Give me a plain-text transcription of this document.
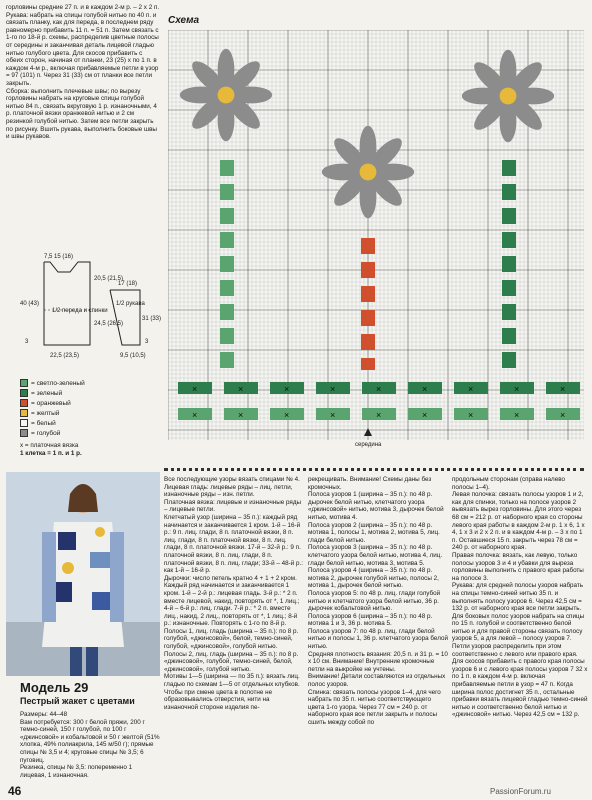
горловины средние 27 п. и в каждом 2-м р. – 2 х 2 п.
Рукава: набрать на спицы голубой нитью по 40 п. и связать планку, как для переда, в последнем ряду равномерно прибавить 11 п. = 51 п. Затем связать с 1-го по 18-й р. схемы, распределив цветные полосы от середины и заканчивая деталь лицевой гладью нитью голубого цвета. Для скосов прибавить с обеих сторон, начиная от планки, 23 (25) х по 1 п. в каждом 4-м р., включая прибавляемые петли в узор = 97 (101) п. Через 31 (33) см от планки все петли закрыть.
Сборка: выполнить плечевые швы; по вырезу горловины набрать на круговые спицы голубой нитью 84 п., связать вкруговую 1 р. изнаночными, 4 р. платочной вязки оранжевой нитью и 2 см резинкой голубой нитью. Затем все петли закрыть по рисунку. Вшить рукава, выполнить боковые швы и швы рукавов.
7,5 15 (16)
40 (43)
1/2 переда и спинки
20,5 (21,5)
24,5 (26,5)
31 (33)
3	3
22,5 (23,5)
1/2 рукава
9,5 (10,5)
17 (18)
= светло-зеленый
= зеленый
= оранжевый
= желтый
= белый
= голубой
х = платочная вязка
1 клетка = 1 п. и 1 р.
Схема
×	×	×	×	×	×	×	×	×
×	×	×	×	×	×	×	×	×
середина
Модель 29
Пестрый жакет с цветами
Размеры: 44–48
Вам потребуется: 300 г белой пряжи, 200 г темно-синей, 150 г голубой, по 100 г «джинсовой» и кобальтовой и 50 г желтой (51% хлопка, 49% полиакрила, 145 м/50 г); прямые спицы № 3,5 и 4; круговые спицы № 3,5; 6 пуговиц.
Резинка, спицы № 3,5: попеременно 1 лицевая, 1 изнаночная.
Все последующие узоры вязать спицами № 4.
Лицевая гладь: лицевые ряды – лиц. петли, изнаночные ряды – изн. петли.
Платочная вязка: лицевые и изнаночные ряды – лицевые петли.
Клетчатый узор (ширина – 35 п.): каждый ряд начинается и заканчивается 1 кром. 1-й – 16-й р.: 9 п. лиц. глади, 8 п. платочной вязки, 8 п. лиц. глади, 8 п. платочной вязки, 8 п. лиц. глади, 8 п. платочной вязки. 17-й – 32-й р.: 9 п. платочной вязки, 8 п. лиц. глади, 8 п. платочной вязки, 8 п. лиц. глади; 33-й – 48-й р.: как 1-й – 16-й р.
Дырочки: число петель кратно 4 + 1 + 2 кром. Каждый ряд начинается и заканчивается 1 кром. 1-й – 2-й р.: лицевая гладь. 3-й р.: * 2 п. вместе лицевой, накид, повторять от *, 1 лиц.; 4-й – 6-й р.: лиц. глади. 7-й р.: * 2 п. вместе лиц., накид, 2 лиц., повторять от *, 1 лиц.; 8-й р.: изнаночные. Повторять с 1-го по 8-й р.
Полосы 1, лиц. гладь (ширина – 35 п.): по 8 р. голубой, «джинсовой», белой, темно-синей, голубой, «джинсовой», голубой нитью.
Полосы 2, лиц. гладь (ширина – 35 п.): по 8 р. «джинсовой», голубой, темно-синей, белой, «джинсовой», голубой нитью.
Мотивы 1—5 (ширина — по 35 п.): вязать лиц. гладью по схемам 1—5 от отдельных клубков. Чтобы при смене цвета в полотне не образовывались отверстия, нити на изнаночной стороне изделия пе-
рекрещивать. Внимание! Схемы даны без кромочных.
Полоса узоров 1 (ширина – 35 п.): по 48 р. дырочек белой нитью, клетчатого узора «джинсовой» нитью, мотива 3, дырочек белой нитью, мотива 4.
Полоса узоров 2 (ширина – 35 п.): по 48 р. мотива 1, полосы 1, мотива 2, мотива 5, лиц. глади белой нитью.
Полоса узоров 3 (ширина – 35 п.): по 48 р. клетчатого узора белой нитью, мотива 4, лиц. глади белой нитью, мотива 3, мотива 5.
Полоса узоров 4 (ширина – 35 п.): по 48 р. мотива 2, дырочек голубой нитью, полосы 2, мотива 1, дырочек белой нитью.
Полоса узоров 5: по 48 р. лиц. глади голубой нитью и клетчатого узора белой нитью, 36 р. дырочек кобальтовой нитью.
Полоса узоров 6 (ширина – 35 п.): по 48 р. мотива 1 и 3, 36 р. мотива 5.
Полоса узоров 7: по 48 р. лиц. глади белой нитью и полосы 1, 36 р. клетчатого узора белой нитью.
Средняя плотность вязания: 20,5 п. и 31 р. = 10 х 10 см. Внимание! Внутренние кромочные петли на выкройке не учтены.
Внимание! Детали составляются из отдельных полос узоров.
Спинка: связать полосы узоров 1–4, для чего набрать по 35 п. нитью соответствующего цвета 1-го узора. Через 77 см = 240 р. от наборного края все петли закрыть и полосы сшить между собой по
продольным сторонам (справа налево полосы 1–4).
Левая полочка: связать полосы узоров 1 и 2, как для спинки, только на полосе узоров 2 вывязать вырез горловины. Для этого через 68 см = 212 р. от наборного края со стороны левого края работы в каждом 2-м р. 1 х 6, 1 х 4, 1 х 3 и 2 х 2 п. и в каждом 4-м р. – 3 х по 1 п. Оставшиеся 15 п. закрыть через 78 см = 240 р. от наборного края.
Правая полочка: вязать, как левую, только полосы узоров 3 и 4 и убавки для выреза горловины выполнить с правого края работы на полосе 3.
Рукава: для средней полосы узоров набрать на спицы темно-синей нитью 35 п. и выполнять полосу узоров 6. Через 42,5 см = 132 р. от наборного края все петли закрыть. Для боковых полос узоров набрать на спицы по 15 п. голубой и соответственно белой нитью и для правой стороны связать полосу узоров 5, а для левой – полосу узоров 7. Петли узоров распределить при этом соответственно с левого или правого края. Для скосов прибавить с правого края полосы узоров 6 и с левого края полосы узоров 7 32 х по 1 п. в каждом 4-м р. включая прибавляемые петли в узор = 47 п. Когда ширина полос достигнет 35 п., остальные прибавки вязать лицевой гладью темно-синей нитью и соответственно белой нитью и «джинсовой» нитью. Через 42,5 см = 132 р.
46	PassionForum.ru
